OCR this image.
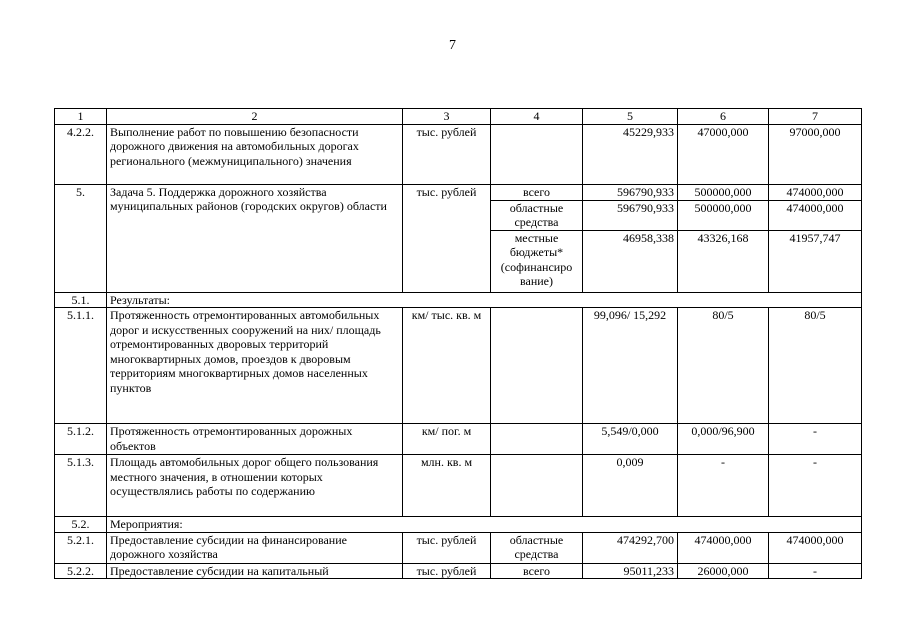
7
1	2	3	4	5	6	7
4.2.2.	Выполнение работ по повышению безопасности дорожного движения на автомобильных дорогах регионального (межмуниципального) значения	тыс. рублей		45229,933	47000,000	97000,000
5.	Задача 5. Поддержка дорожного хозяйства муниципальных районов (городских округов) области	тыс. рублей	всего	596790,933	500000,000	474000,000
			областные средства	596790,933	500000,000	474000,000
			местные бюджеты* (софинансиро вание)	46958,338	43326,168	41957,747
5.1.	Результаты:					
5.1.1.	Протяженность отремонтированных автомобильных дорог и искусственных сооружений на них/ площадь отремонтированных дворовых территорий многоквартирных домов, проездов к дворовым территориям многоквартирных домов населенных пунктов	км/ тыс. кв. м		99,096/ 15,292	80/5	80/5
5.1.2.	Протяженность отремонтированных дорожных объектов	км/ пог. м		5,549/0,000	0,000/96,900	-
5.1.3.	Площадь автомобильных дорог общего пользования местного значения, в отношении которых осуществлялись работы по содержанию	млн. кв. м		0,009	-	-
5.2.	Мероприятия:					
5.2.1.	Предоставление субсидии на финансирование дорожного хозяйства	тыс. рублей	областные средства	474292,700	474000,000	474000,000
5.2.2.	Предоставление субсидии на капитальный	тыс. рублей	всего	95011,233	26000,000	-
